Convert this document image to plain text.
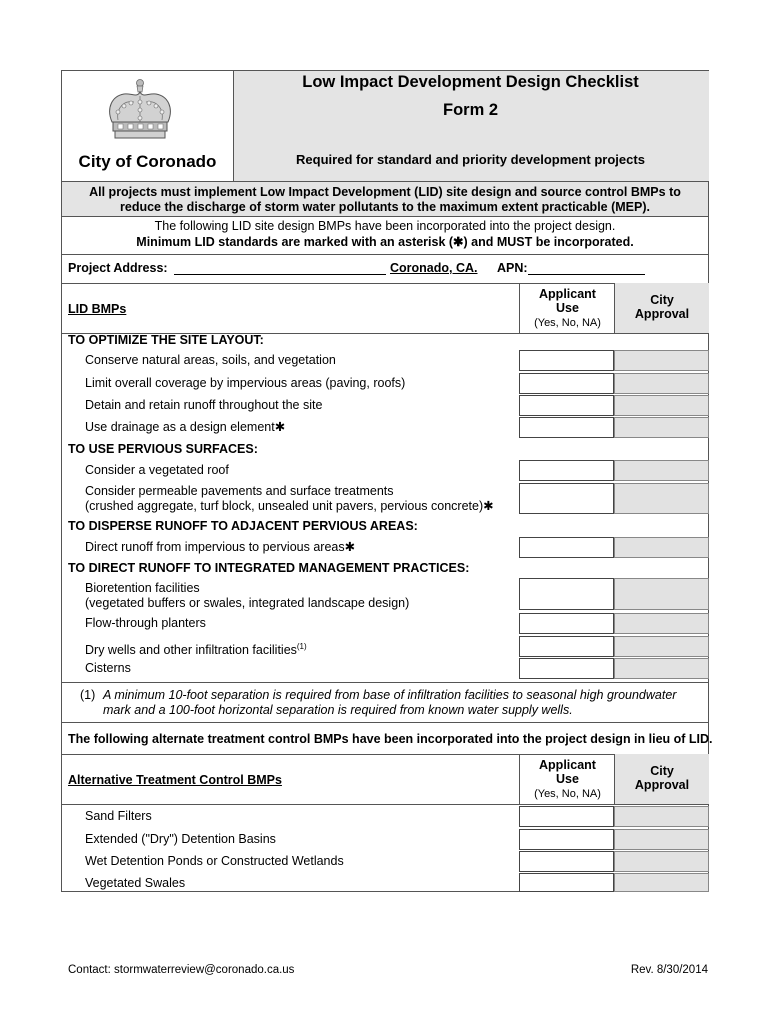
City of Coronado
Low Impact Development Design Checklist
Form 2
Required for standard and priority development projects
All projects must implement Low Impact Development (LID) site design and source control BMPs to
reduce the discharge of storm water pollutants to the maximum extent practicable (MEP).
The following LID site design BMPs have been incorporated into the project design.
Minimum LID standards are marked with an asterisk (✱) and MUST be incorporated.
Project Address:	Coronado, CA. APN:
LID BMPs
Applicant
Use
(Yes, No, NA)
City
Approval
TO OPTIMIZE THE SITE LAYOUT:
Conserve natural areas, soils, and vegetation
Limit overall coverage by impervious areas (paving, roofs)
Detain and retain runoff throughout the site
Use drainage as a design element✱
TO USE PERVIOUS SURFACES:
Consider a vegetated roof
Consider permeable pavements and surface treatments
(crushed aggregate, turf block, unsealed unit pavers, pervious concrete)✱
TO DISPERSE RUNOFF TO ADJACENT PERVIOUS AREAS:
Direct runoff from impervious to pervious areas✱
TO DIRECT RUNOFF TO INTEGRATED MANAGEMENT PRACTICES:
Bioretention facilities
(vegetated buffers or swales, integrated landscape design)
Flow-through planters
Dry wells and other infiltration facilities$^{(1)}$
Cisterns
(1) A minimum 10-foot separation is required from base of infiltration facilities to seasonal high groundwater
mark and a 100-foot horizontal separation is required from known water supply wells.
The following alternate treatment control BMPs have been incorporated into the project design in lieu of LID.
Alternative Treatment Control BMPs
Applicant
Use
(Yes, No, NA)
City
Approval
Sand Filters
Extended ("Dry") Detention Basins
Wet Detention Ponds or Constructed Wetlands
Vegetated Swales
Contact: stormwaterreview@coronado.ca.us	Rev. 8/30/2014
